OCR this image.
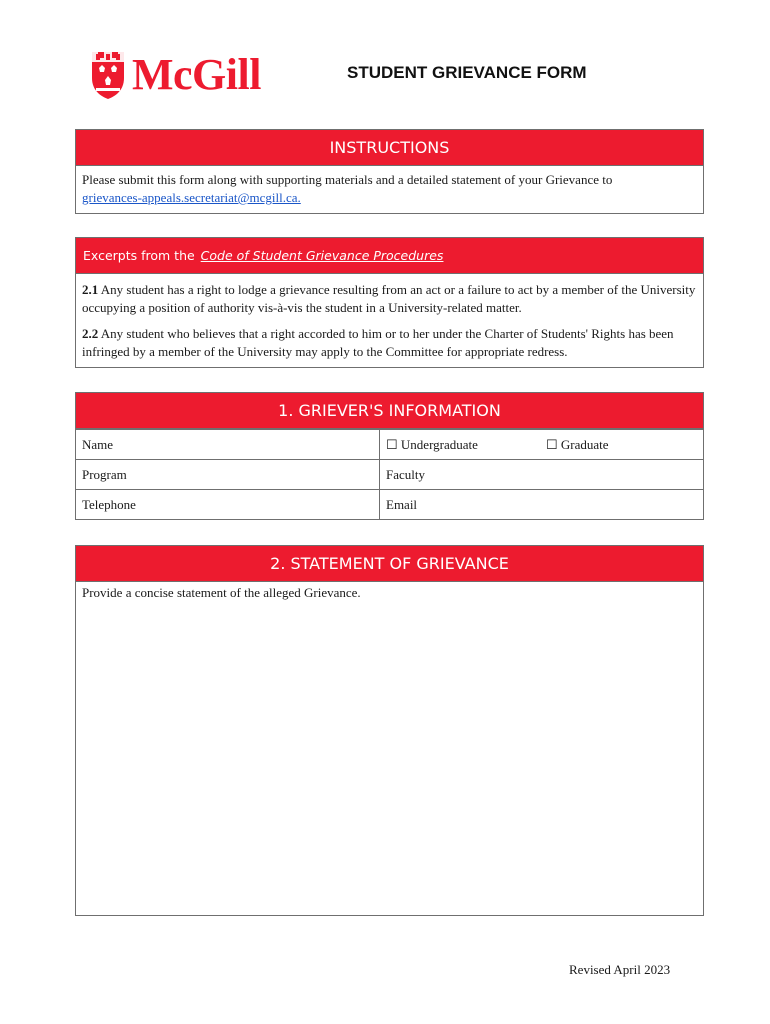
McGill	STUDENT GRIEVANCE FORM
INSTRUCTIONS
Please submit this form along with supporting materials and a detailed statement of your Grievance to
grievances-appeals.secretariat@mcgill.ca.
Excerpts from the Code of Student Grievance Procedures

2.1 Any student has a right to lodge a grievance resulting from an act or a failure to act by a member of the University occupying a position of authority vis-à-vis the student in a University-related matter.

2.2 Any student who believes that a right accorded to him or to her under the Charter of Students' Rights has been infringed by a member of the University may apply to the Committee for appropriate redress.

1. GRIEVER'S INFORMATION
Name	☐ Undergraduate	☐ Graduate
Program	Faculty
Telephone	Email
2. STATEMENT OF GRIEVANCE
Provide a concise statement of the alleged Grievance.
Revised April 2023
